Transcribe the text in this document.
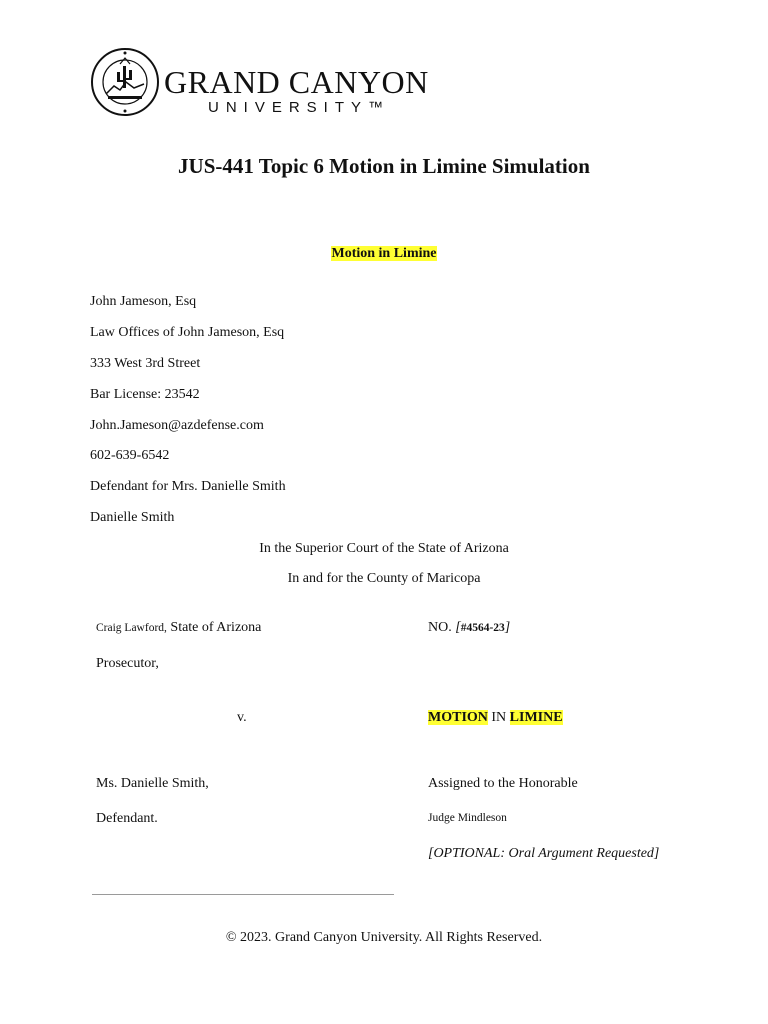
GRAND CANYON
UNIVERSITY™
JUS-441 Topic 6 Motion in Limine Simulation
Motion in Limine
John Jameson, Esq
Law Offices of John Jameson, Esq
333 West 3rd Street
Bar License: 23542
John.Jameson@azdefense.com
602-639-6542
Defendant for Mrs. Danielle Smith
Danielle Smith
In the Superior Court of the State of Arizona
In and for the County of Maricopa
Craig Lawford, State of Arizona
Prosecutor,
v.
Ms. Danielle Smith,
Defendant.
NO. [#4564-23]
MOTION IN LIMINE
Assigned to the Honorable
Judge Mindleson
[OPTIONAL: Oral Argument Requested]
© 2023. Grand Canyon University. All Rights Reserved.
